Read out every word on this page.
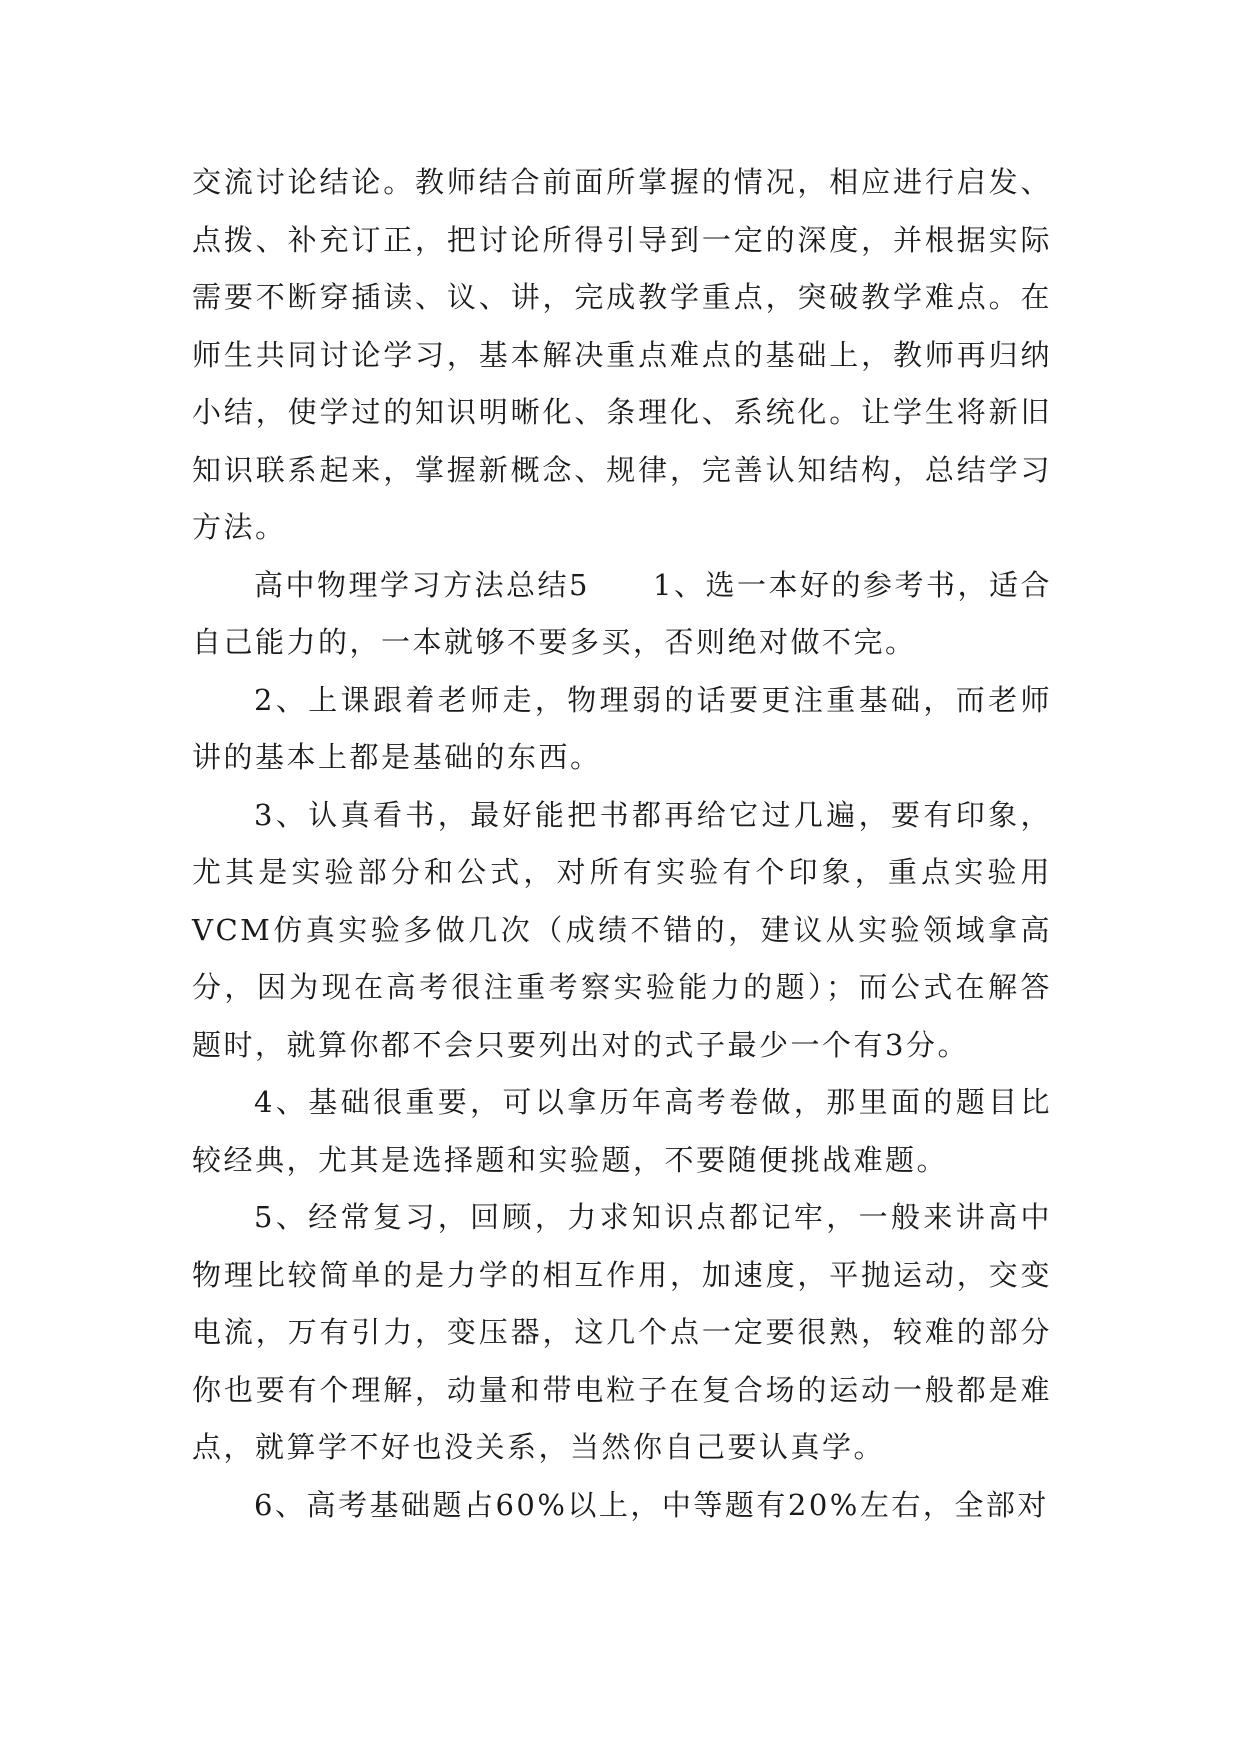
交流讨论结论。教师结合前面所掌握的情况，相应进行启发、点拨、补充订正，把讨论所得引导到一定的深度，并根据实际需要不断穿插读、议、讲，完成教学重点，突破教学难点。在师生共同讨论学习，基本解决重点难点的基础上，教师再归纳小结，使学过的知识明晰化、条理化、系统化。让学生将新旧知识联系起来，掌握新概念、规律，完善认知结构，总结学习方法。

高中物理学习方法总结5　　1、选一本好的参考书，适合自己能力的，一本就够不要多买，否则绝对做不完。

2、上课跟着老师走，物理弱的话要更注重基础，而老师讲的基本上都是基础的东西。

3、认真看书，最好能把书都再给它过几遍，要有印象，尤其是实验部分和公式，对所有实验有个印象，重点实验用VCM仿真实验多做几次（成绩不错的，建议从实验领域拿高分，因为现在高考很注重考察实验能力的题）；而公式在解答题时，就算你都不会只要列出对的式子最少一个有3分。

4、基础很重要，可以拿历年高考卷做，那里面的题目比较经典，尤其是选择题和实验题，不要随便挑战难题。

5、经常复习，回顾，力求知识点都记牢，一般来讲高中物理比较简单的是力学的相互作用，加速度，平抛运动，交变电流，万有引力，变压器，这几个点一定要很熟，较难的部分你也要有个理解，动量和带电粒子在复合场的运动一般都是难点，就算学不好也没关系，当然你自己要认真学。

6、高考基础题占60%以上，中等题有20%左右，全部对
